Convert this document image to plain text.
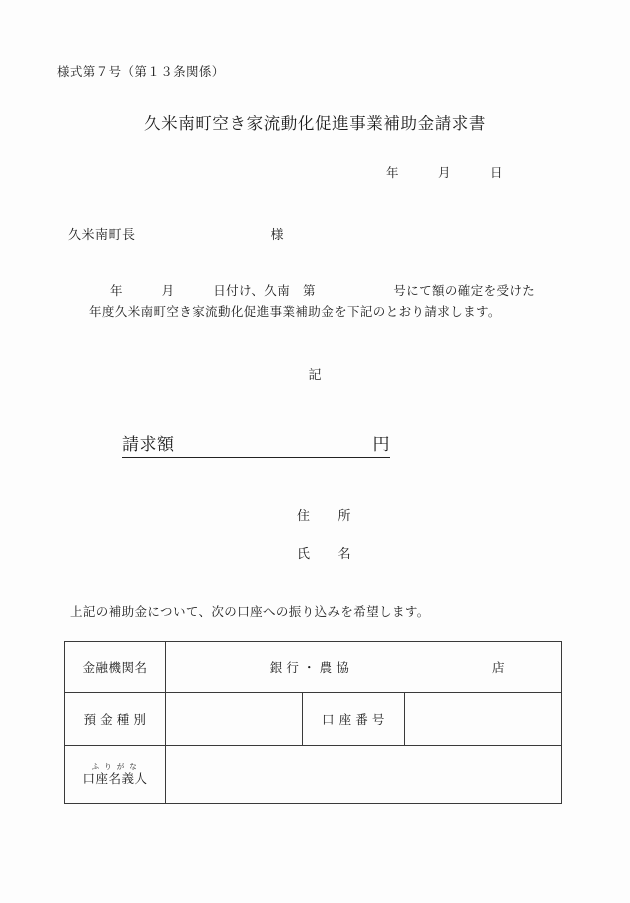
様式第７号（第１３条関係）
久米南町空き家流動化促進事業補助金請求書
年　　　月　　　日
久米南町長　　　　　　　　　　様
年　　　月　　　日付け、久南　第　　　　　　号にて額の確定を受けた
年度久米南町空き家流動化促進事業補助金を下記のとおり請求します。
記
請求額	円
住　　所
氏　　名
上記の補助金について、次の口座への振り込みを希望します。
金融機関名	銀 行 ・ 農 協 店		

預 金 種 別		口 座 番 号	

ふ り が な
口座名義人			
